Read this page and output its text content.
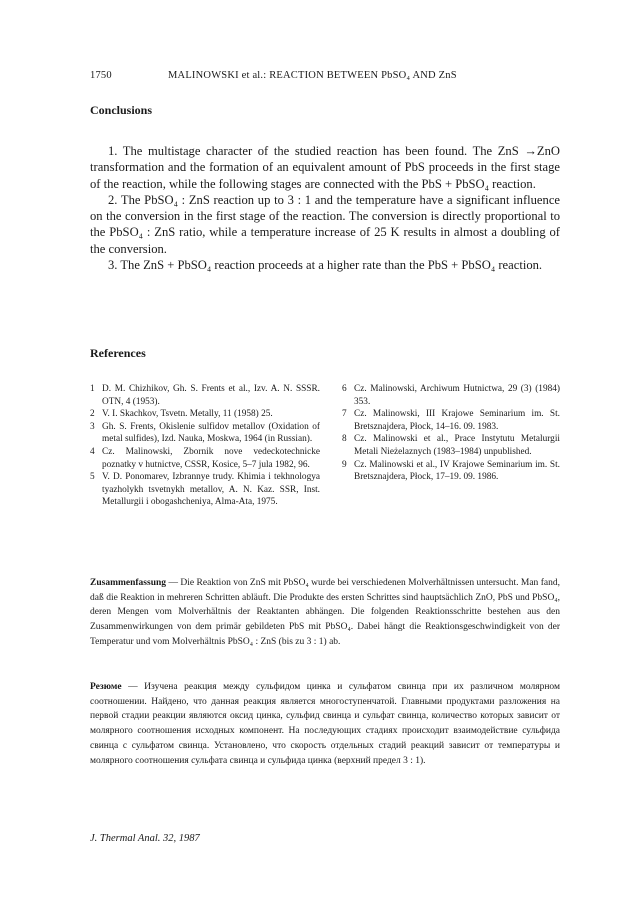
1750	MALINOWSKI et al.: REACTION BETWEEN PbSO₄ AND ZnS
Conclusions

1. The multistage character of the studied reaction has been found. The ZnS →ZnO transformation and the formation of an equivalent amount of PbS proceeds in the first stage of the reaction, while the following stages are connected with the PbS + PbSO₄ reaction.

2. The PbSO₄ : ZnS reaction up to 3 : 1 and the temperature have a significant influence on the conversion in the first stage of the reaction. The conversion is directly proportional to the PbSO₄ : ZnS ratio, while a temperature increase of 25 K results in almost a doubling of the conversion.

3. The ZnS + PbSO₄ reaction proceeds at a higher rate than the PbS + PbSO₄ reaction.

References
1 D. M. Chizhikov, Gh. S. Frents et al., Izv. A. N. SSSR. OTN, 4 (1953).
2 V. I. Skachkov, Tsvetn. Metally, 11 (1958) 25.
3 Gh. S. Frents, Okislenie sulfidov metallov (Oxidation of metal sulfides), Izd. Nauka, Moskwa, 1964 (in Russian).
4 Cz. Malinowski, Zbornik nove vedeckotechnicke poznatky v hutnictve, CSSR, Kosice, 5–7 jula 1982, 96.
5 V. D. Ponomarev, Izbrannye trudy. Khimia i tekhnologya tyazholykh tsvetnykh metallov, A. N. Kaz. SSR, Inst. Metallurgii i obogashcheniya, Alma-Ata, 1975.
6 Cz. Malinowski, Archiwum Hutnictwa, 29 (3) (1984) 353.
7 Cz. Malinowski, III Krajowe Seminarium im. St. Bretsznajdera, Płock, 14–16. 09. 1983.
8 Cz. Malinowski et al., Prace Instytutu Metalurgii Metali Nieżelaznych (1983–1984) unpublished.
9 Cz. Malinowski et al., IV Krajowe Seminarium im. St. Bretsznajdera, Płock, 17–19. 09. 1986.
Zusammenfassung — Die Reaktion von ZnS mit PbSO₄ wurde bei verschiedenen Molverhältnissen untersucht. Man fand, daß die Reaktion in mehreren Schritten abläuft. Die Produkte des ersten Schrittes sind hauptsächlich ZnO, PbS und PbSO₄, deren Mengen vom Molverhältnis der Reaktanten abhängen. Die folgenden Reaktionsschritte bestehen aus den Zusammenwirkungen von dem primär gebildeten PbS mit PbSO₄. Dabei hängt die Reaktionsgeschwindigkeit von der Temperatur und vom Molverhältnis PbSO₄ : ZnS (bis zu 3 : 1) ab.
Резюме — Изучена реакция между сульфидом цинка и сульфатом свинца при их различном молярном соотношении. Найдено, что данная реакция является многоступенчатой. Главными продуктами разложения на первой стадии реакции являются оксид цинка, сульфид свинца и сульфат свинца, количество которых зависит от молярного соотношения исходных компонент. На последующих стадиях происходит взаимодействие сульфида свинца с сульфатом свинца. Установлено, что скорость отдельных стадий реакций зависит от температуры и молярного соотношения сульфата свинца и сульфида цинка (верхний предел 3 : 1).
J. Thermal Anal. 32, 1987
